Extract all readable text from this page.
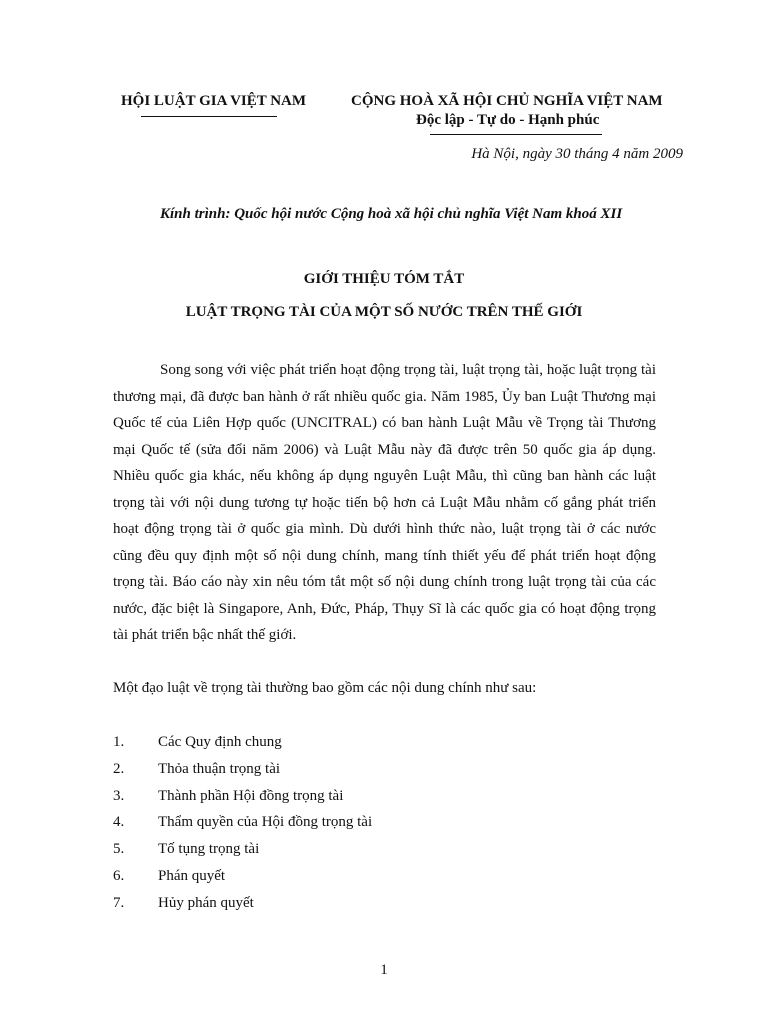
HỘI LUẬT GIA VIỆT NAM	CỘNG HOÀ XÃ HỘI CHỦ NGHĨA VIỆT NAM
Độc lập - Tự do - Hạnh phúc
Hà Nội, ngày 30 tháng 4 năm 2009
Kính trình: Quốc hội nước Cộng hoà xã hội chủ nghĩa Việt Nam khoá XII
GIỚI THIỆU TÓM TẮT
LUẬT TRỌNG TÀI CỦA MỘT SỐ NƯỚC TRÊN THẾ GIỚI

Song song với việc phát triển hoạt động trọng tài, luật trọng tài, hoặc luật trọng tài thương mại, đã được ban hành ở rất nhiều quốc gia. Năm 1985, Ủy ban Luật Thương mại Quốc tế của Liên Hợp quốc (UNCITRAL) có ban hành Luật Mẫu về Trọng tài Thương mại Quốc tế (sửa đổi năm 2006) và Luật Mẫu này đã được trên 50 quốc gia áp dụng. Nhiều quốc gia khác, nếu không áp dụng nguyên Luật Mẫu, thì cũng ban hành các luật trọng tài với nội dung tương tự hoặc tiến bộ hơn cả Luật Mẫu nhằm cố gắng phát triển hoạt động trọng tài ở quốc gia mình. Dù dưới hình thức nào, luật trọng tài ở các nước cũng đều quy định một số nội dung chính, mang tính thiết yếu để phát triển hoạt động trọng tài. Báo cáo này xin nêu tóm tắt một số nội dung chính trong luật trọng tài của các nước, đặc biệt là Singapore, Anh, Đức, Pháp, Thụy Sĩ là các quốc gia có hoạt động trọng tài phát triển bậc nhất thế giới.

Một đạo luật về trọng tài thường bao gồm các nội dung chính như sau:
1. Các Quy định chung
2. Thỏa thuận trọng tài
3. Thành phần Hội đồng trọng tài
4. Thẩm quyền của Hội đồng trọng tài
5. Tố tụng trọng tài
6. Phán quyết
7. Hủy phán quyết
1
